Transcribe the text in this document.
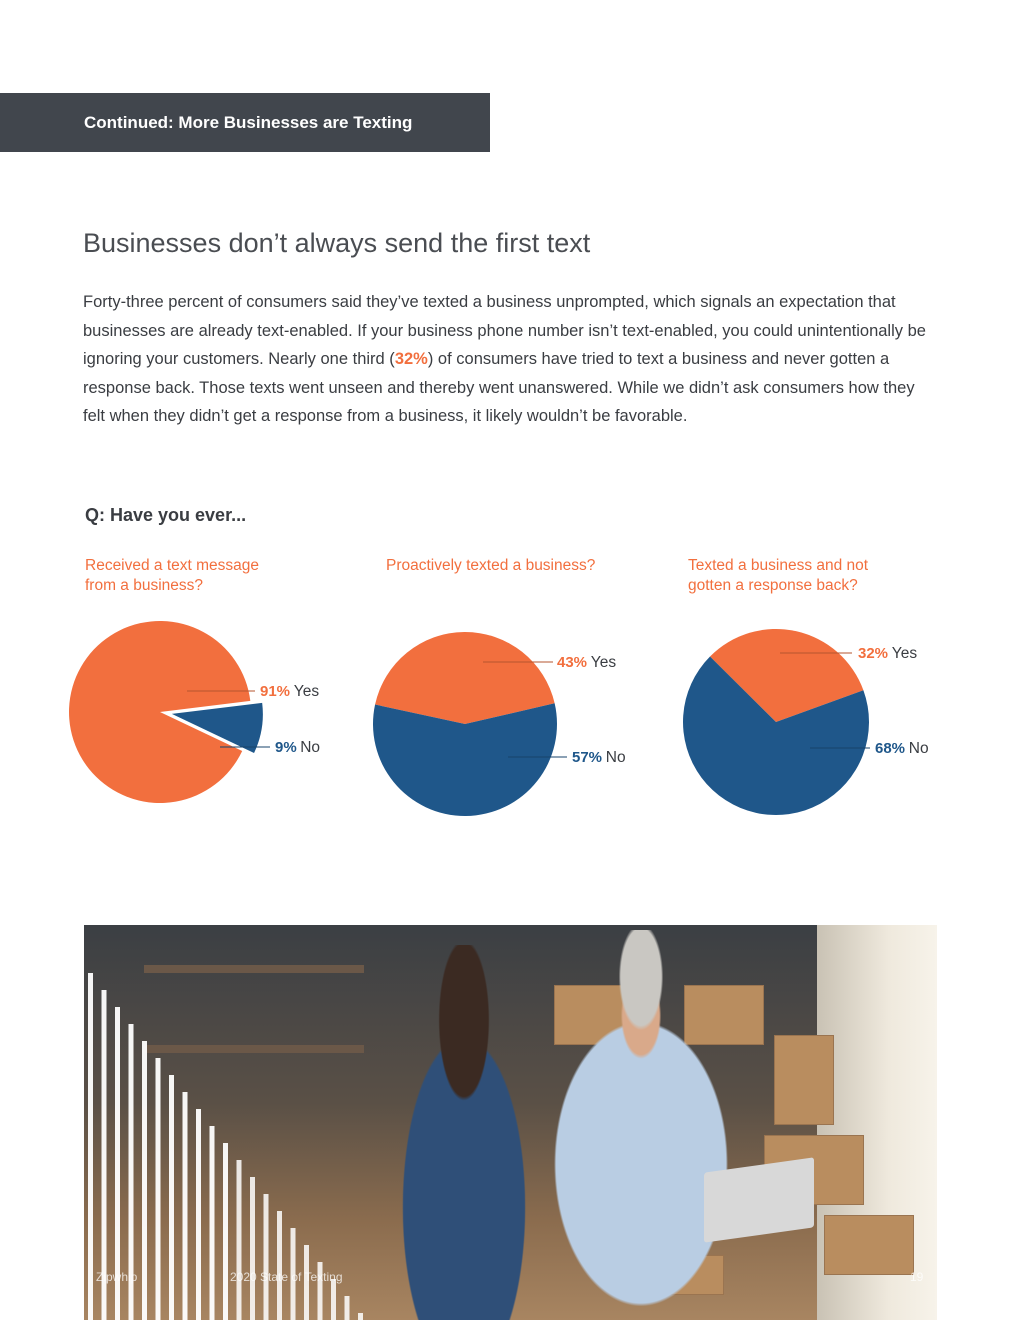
Continued: More Businesses are Texting
Businesses don’t always send the first text

Forty-three percent of consumers said they’ve texted a business unprompted, which signals an expectation that businesses are already text-enabled. If your business phone number isn’t text-enabled, you could unintentionally be ignoring your customers. Nearly one third (32%) of consumers have tried to text a business and never gotten a response back. Those texts went unseen and thereby went unanswered. While we didn’t ask consumers how they felt when they didn’t get a response from a business, it likely wouldn’t be favorable.

Q: Have you ever...
Received a text message
from a business?
Proactively texted a business?	Texted a business and not
gotten a response back?
91% Yes
9% No
43% Yes
57% No
32% Yes
68% No
Zipwhip	2020 State of Texting	19
